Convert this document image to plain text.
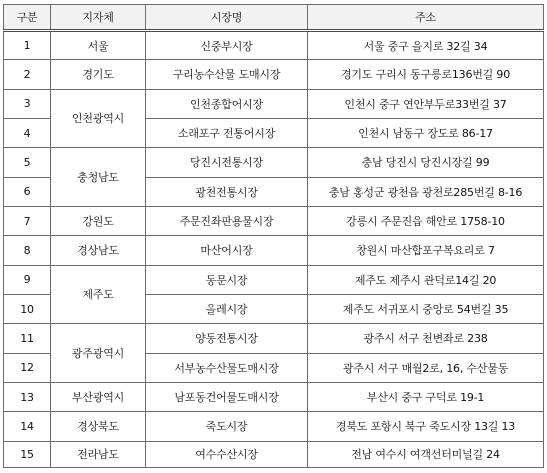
구분	지자체	시장명	주소
1	서울	신중부시장	서울 중구 을지로 32길 34
2	경기도	구리농수산물 도매시장	경기도 구리시 동구릉로136번길 90
3	인천광역시	인천종합어시장	인천시 중구 연안부두로33번길 37
4		소래포구 전통어시장	인천시 남동구 장도로 86-17
5	충청남도	당진시전통시장	충남 당진시 당진시장길 99
6		광천전통시장	충남 홍성군 광천읍 광천로285번길 8-16
7	강원도	주문진좌판용물시장	강릉시 주문진읍 해안로 1758-10
8	경상남도	마산어시장	창원시 마산합포구복요리로 7
9	제주도	동문시장	제주도 제주시 관덕로14길 20
10		올레시장	제주도 서귀포시 중앙로 54번길 35
11	광주광역시	양동전통시장	광주시 서구 천변좌로 238
12		서부농수산물도매시장	광주시 서구 매월2로, 16, 수산물동
13	부산광역시	남포동건어물도매시장	부산시 중구 구덕로 19-1
14	경상북도	죽도시장	경북도 포항시 북구 죽도시장 13길 13
15	전라남도	여수수산시장	전남 여수시 여객선터미널길 24
